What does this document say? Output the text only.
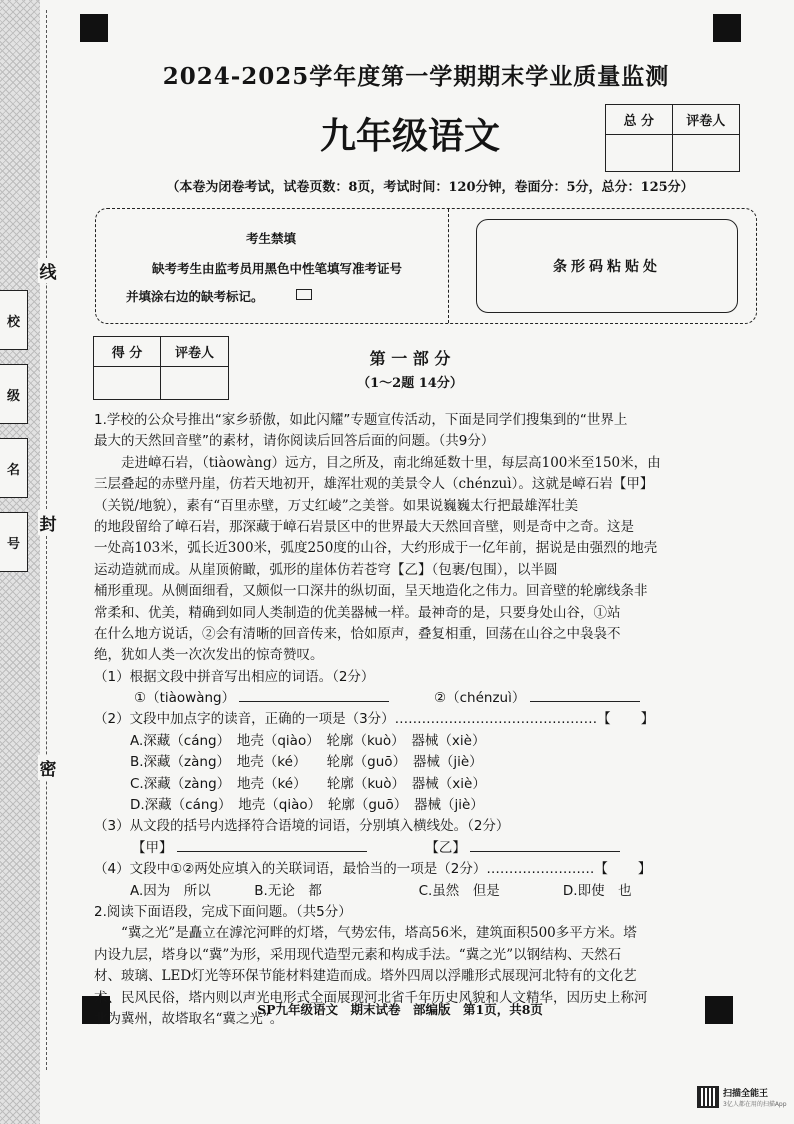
线
封
密
校
级
名
号
2024-2025学年度第一学期期末学业质量监测
九年级语文	总 分	评卷人
（本卷为闭卷考试，试卷页数：8页，考试时间：120分钟，卷面分：5分，总分：125分）
考生禁填
缺考考生由监考员用黑色中性笔填写准考证号
并填涂右边的缺考标记。
条形码粘贴处
得 分	评卷人	第 一 部 分
（1～2题 14分）
1.学校的公众号推出“家乡骄傲，如此闪耀”专题宣传活动，下面是同学们搜集到的“世界上
最大的天然回音壁”的素材，请你阅读后回答后面的问题。（共9分）
走进嶂石岩，（tiàowàng）远方，目之所及，南北绵延数十里，每层高100米至150米，由
三层叠起的赤壁丹崖，仿若天地初开，雄浑壮观的美景令人（chénzuì）。这就是嶂石岩【甲】
（关锐/地貌），素有“百里赤壁，万丈红崚”之美誉。如果说巍巍太行把最雄浑壮美
的地段留给了嶂石岩，那深藏于嶂石岩景区中的世界最大天然回音壁，则是奇中之奇。这是
一处高103米，弧长近300米，弧度250度的山谷，大约形成于一亿年前，据说是由强烈的地壳
运动造就而成。从崖顶俯瞰，弧形的崖体仿若苍穹【乙】（包裹/包围），以半圆
桶形重现。从侧面细看，又颇似一口深井的纵切面，呈天地造化之伟力。回音壁的轮廓线条非
常柔和、优美，精确到如同人类制造的优美器械一样。最神奇的是，只要身处山谷，①站
在什么地方说话，②会有清晰的回音传来，恰如原声，叠复相重，回荡在山谷之中袅袅不
绝，犹如人类一次次发出的惊奇赞叹。
（1）根据文段中拼音写出相应的词语。（2分）
①（tiàowàng）	②（chénzuì）
（2）文段中加点字的读音，正确的一项是（3分）………………………………………【 】
A.深藏（cáng）　地壳（qiào）　轮廓（kuò）　器械（xiè）
B.深藏（zàng）　地壳（ké）　　轮廓（guō）　器械（jiè）
C.深藏（zàng）　地壳（ké）　　轮廓（kuò）　器械（xiè）
D.深藏（cáng）　地壳（qiào）　轮廓（guō）　器械（jiè）
（3）从文段的括号内选择符合语境的词语，分别填入横线处。（2分）
【甲】	【乙】
（4）文段中①②两处应填入的关联词语，最恰当的一项是（2分）……………………【 】
A.因为　所以	B.无论　都	C.虽然　但是	D.即使　也
2.阅读下面语段，完成下面问题。（共5分）
“冀之光”是矗立在滹沱河畔的灯塔，气势宏伟，塔高56米，建筑面积500多平方米。塔
内设九层，塔身以“冀”为形，采用现代造型元素和构成手法。“冀之光”以钢结构、天然石
材、玻璃、LED灯光等环保节能材料建造而成。塔外四周以浮雕形式展现河北特有的文化艺
术、民风民俗，塔内则以声光电形式全面展现河北省千年历史风貌和人文精华，因历史上称河
北为冀州，故塔取名“冀之光”。
SP九年级语文　期末试卷　部编版　第1页，共8页
扫描全能王
3亿人都在用的扫描App
